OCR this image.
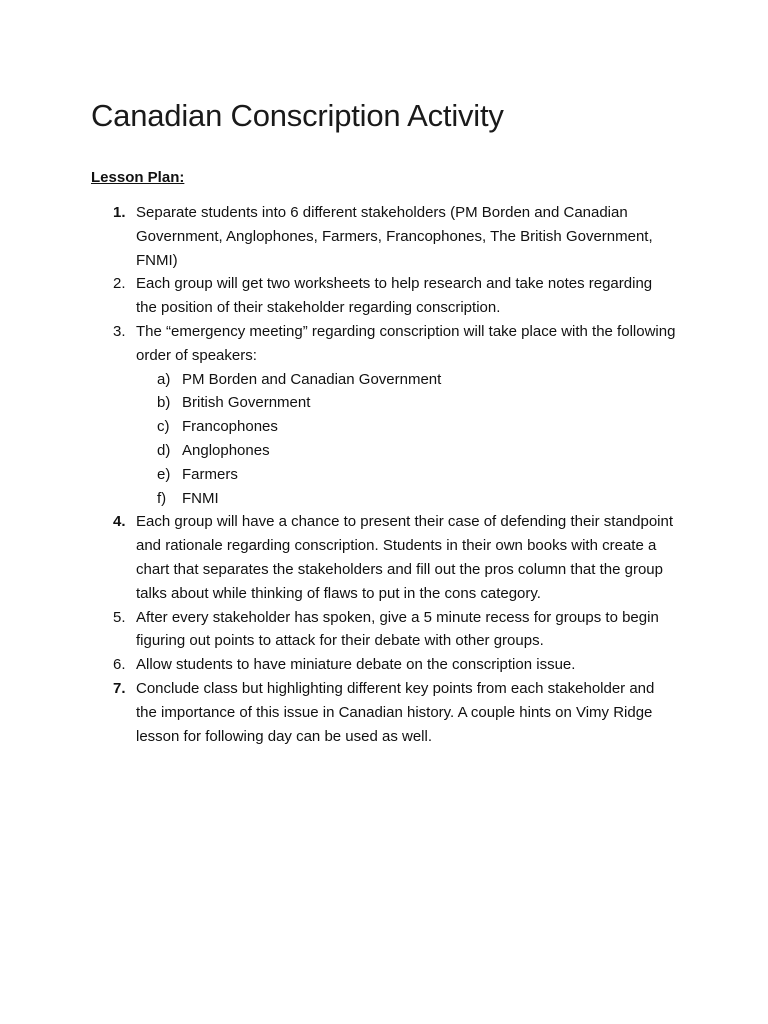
Canadian Conscription Activity
Lesson Plan:
1. Separate students into 6 different stakeholders (PM Borden and Canadian Government, Anglophones, Farmers, Francophones, The British Government, FNMI)
2. Each group will get two worksheets to help research and take notes regarding the position of their stakeholder regarding conscription.
3. The “emergency meeting” regarding conscription will take place with the following order of speakers:
a) PM Borden and Canadian Government
b) British Government
c) Francophones
d) Anglophones
e) Farmers
f) FNMI
4. Each group will have a chance to present their case of defending their standpoint and rationale regarding conscription. Students in their own books with create a chart that separates the stakeholders and fill out the pros column that the group talks about while thinking of flaws to put in the cons category.
5. After every stakeholder has spoken, give a 5 minute recess for groups to begin figuring out points to attack for their debate with other groups.
6. Allow students to have miniature debate on the conscription issue.
7. Conclude class but highlighting different key points from each stakeholder and the importance of this issue in Canadian history. A couple hints on Vimy Ridge lesson for following day can be used as well.
